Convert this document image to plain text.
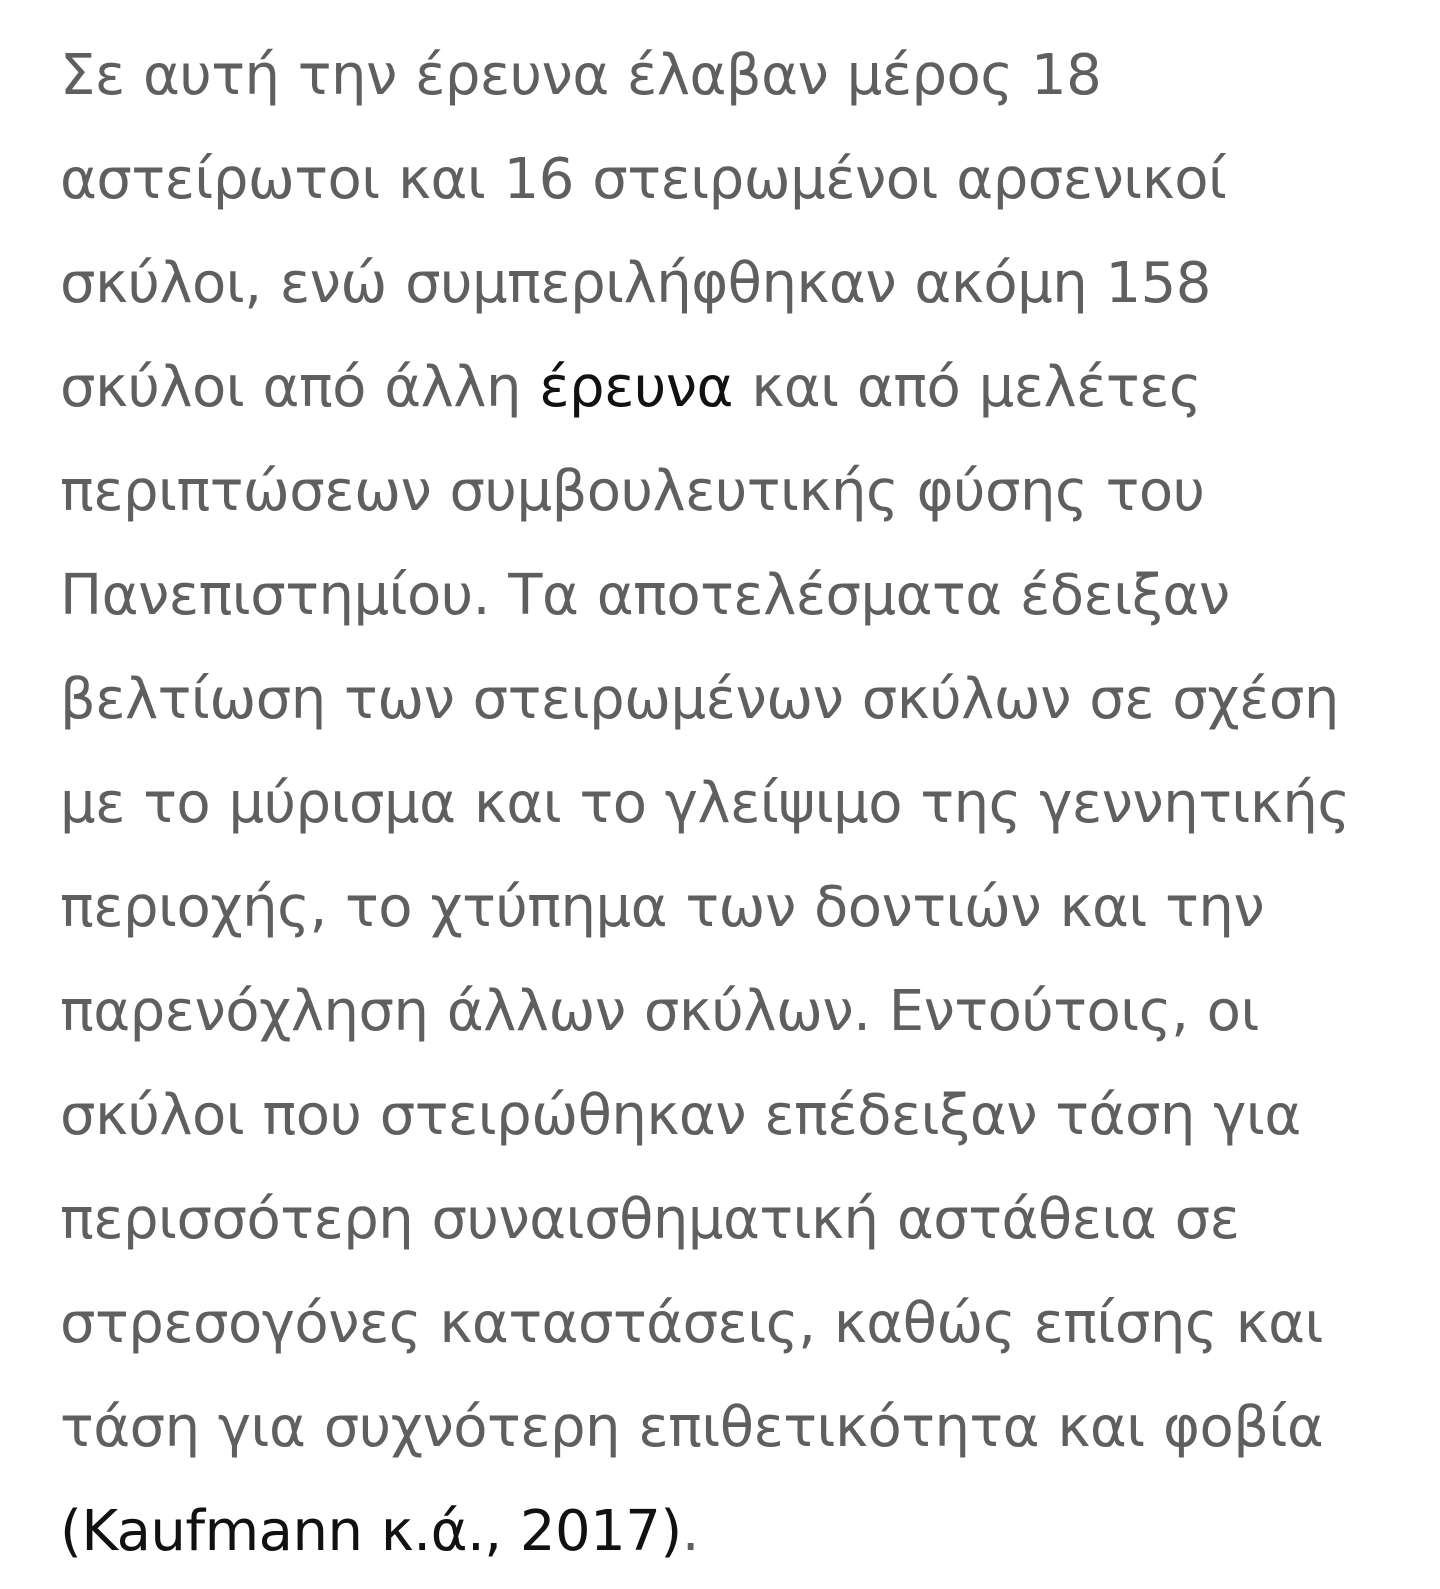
Σε αυτή την έρευνα έλαβαν μέρος 18
αστείρωτοι και 16 στειρωμένοι αρσενικοί
σκύλοι, ενώ συμπεριλήφθηκαν ακόμη 158
σκύλοι από άλλη έρευνα και από μελέτες
περιπτώσεων συμβουλευτικής φύσης του
Πανεπιστημίου. Τα αποτελέσματα έδειξαν
βελτίωση των στειρωμένων σκύλων σε σχέση
με το μύρισμα και το γλείψιμο της γεννητικής
περιοχής, το χτύπημα των δοντιών και την
παρενόχληση άλλων σκύλων. Εντούτοις, οι
σκύλοι που στειρώθηκαν επέδειξαν τάση για
περισσότερη συναισθηματική αστάθεια σε
στρεσογόνες καταστάσεις, καθώς επίσης και
τάση για συχνότερη επιθετικότητα και φοβία
(Kaufmann κ.ά., 2017).
